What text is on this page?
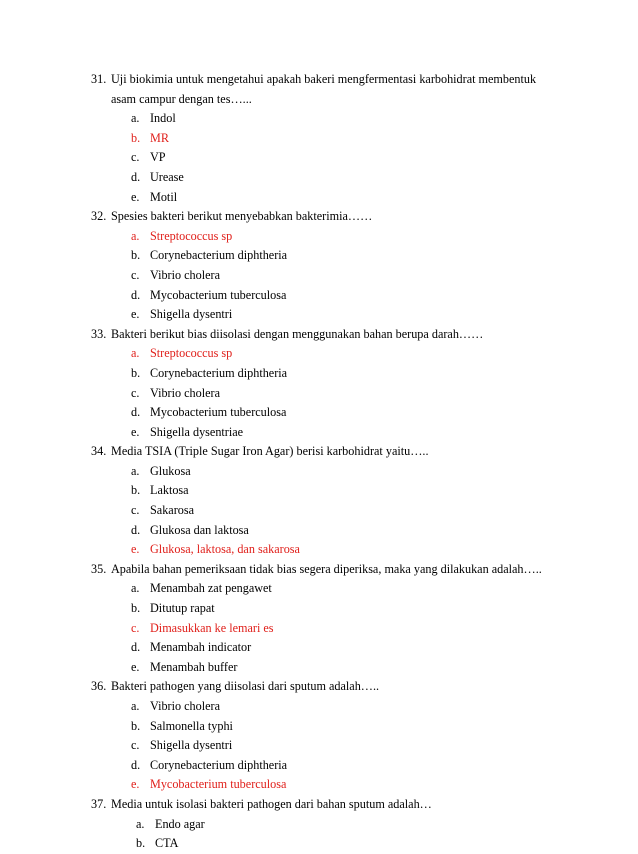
31. Uji biokimia untuk mengetahui apakah bakeri mengfermentasi karbohidrat membentuk
asam campur dengan tes…...
a. Indol
b. MR
c. VP
d. Urease
e. Motil
32. Spesies bakteri berikut menyebabkan bakterimia……
a. Streptococcus sp
b. Corynebacterium diphtheria
c. Vibrio cholera
d. Mycobacterium tuberculosa
e. Shigella dysentri
33. Bakteri berikut bias diisolasi dengan menggunakan bahan berupa darah……
a. Streptococcus sp
b. Corynebacterium diphtheria
c. Vibrio cholera
d. Mycobacterium tuberculosa
e. Shigella dysentriae
34. Media TSIA (Triple Sugar Iron Agar) berisi karbohidrat yaitu…..
a. Glukosa
b. Laktosa
c. Sakarosa
d. Glukosa dan laktosa
e. Glukosa, laktosa, dan sakarosa
35. Apabila bahan pemeriksaan tidak bias segera diperiksa, maka yang dilakukan adalah…..
a. Menambah zat pengawet
b. Ditutup rapat
c. Dimasukkan ke lemari es
d. Menambah indicator
e. Menambah buffer
36. Bakteri pathogen yang diisolasi dari sputum adalah…..
a. Vibrio cholera
b. Salmonella typhi
c. Shigella dysentri
d. Corynebacterium diphtheria
e. Mycobacterium tuberculosa
37. Media untuk isolasi bakteri pathogen dari bahan sputum adalah…
a. Endo agar
b. CTA
